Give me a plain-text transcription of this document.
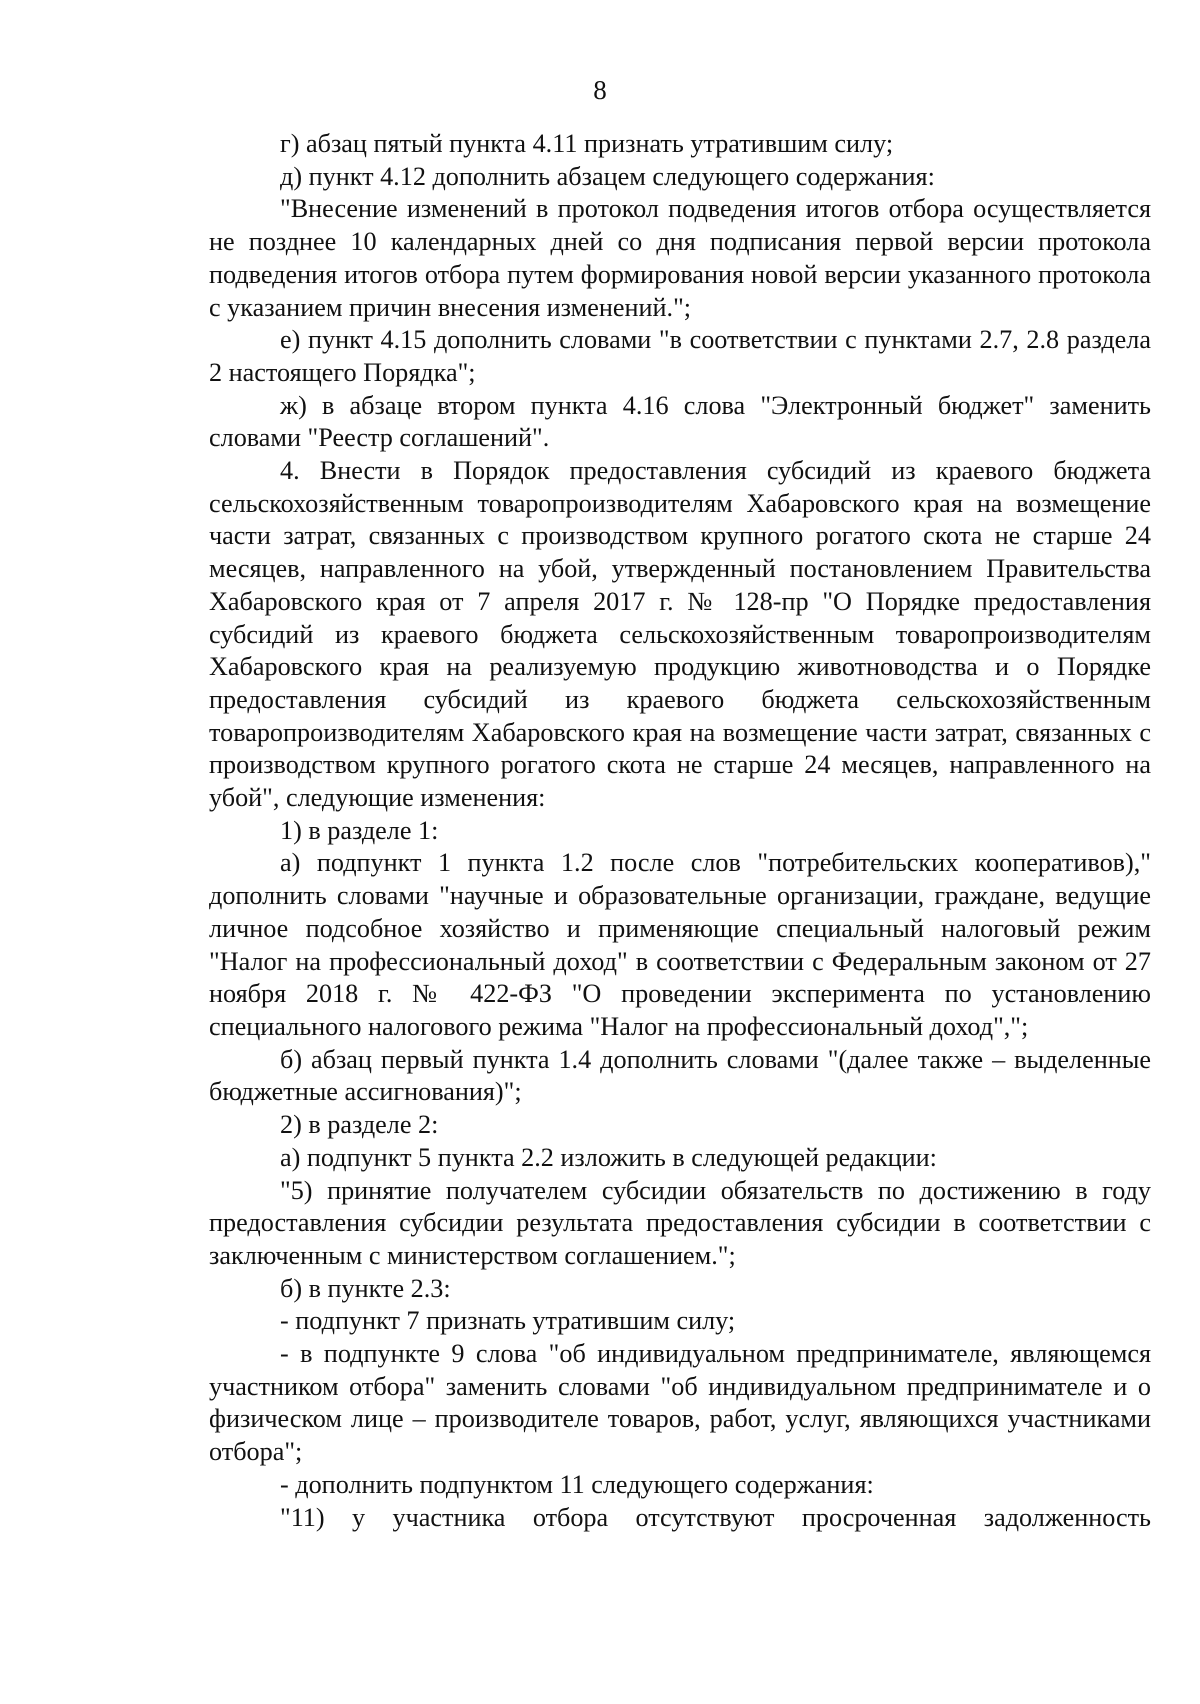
8

г) абзац пятый пункта 4.11 признать утратившим силу;

д) пункт 4.12 дополнить абзацем следующего содержания:

"Внесение изменений в протокол подведения итогов отбора осуществляется не позднее 10 календарных дней со дня подписания первой версии протокола подведения итогов отбора путем формирования новой версии указанного протокола с указанием причин внесения изменений.";

е) пункт 4.15 дополнить словами "в соответствии с пунктами 2.7, 2.8 раздела 2 настоящего Порядка";

ж) в абзаце втором пункта 4.16 слова "Электронный бюджет" заменить словами "Реестр соглашений".

4. Внести в Порядок предоставления субсидий из краевого бюджета сельскохозяйственным товаропроизводителям Хабаровского края на возмещение части затрат, связанных с производством крупного рогатого скота не старше 24 месяцев, направленного на убой, утвержденный постановлением Правительства Хабаровского края от 7 апреля 2017 г. № 128-пр "О Порядке предоставления субсидий из краевого бюджета сельскохозяйственным товаропроизводителям Хабаровского края на реализуемую продукцию животноводства и о Порядке предоставления субсидий из краевого бюджета сельскохозяйственным товаропроизводителям Хабаровского края на возмещение части затрат, связанных с производством крупного рогатого скота не старше 24 месяцев, направленного на убой", следующие изменения:

1) в разделе 1:

а) подпункт 1 пункта 1.2 после слов "потребительских кооперативов)," дополнить словами "научные и образовательные организации, граждане, ведущие личное подсобное хозяйство и применяющие специальный налоговый режим "Налог на профессиональный доход" в соответствии с Федеральным законом от 27 ноября 2018 г. № 422-ФЗ "О проведении эксперимента по установлению специального налогового режима "Налог на профессиональный доход",";

б) абзац первый пункта 1.4 дополнить словами "(далее также – выделенные бюджетные ассигнования)";

2) в разделе 2:

а) подпункт 5 пункта 2.2 изложить в следующей редакции:

"5) принятие получателем субсидии обязательств по достижению в году предоставления субсидии результата предоставления субсидии в соответствии с заключенным с министерством соглашением.";

б) в пункте 2.3:

- подпункт 7 признать утратившим силу;

- в подпункте 9 слова "об индивидуальном предпринимателе, являющемся участником отбора" заменить словами "об индивидуальном предпринимателе и о физическом лице – производителе товаров, работ, услуг, являющихся участниками отбора";

- дополнить подпунктом 11 следующего содержания:

"11) у участника отбора отсутствуют просроченная задолженность
